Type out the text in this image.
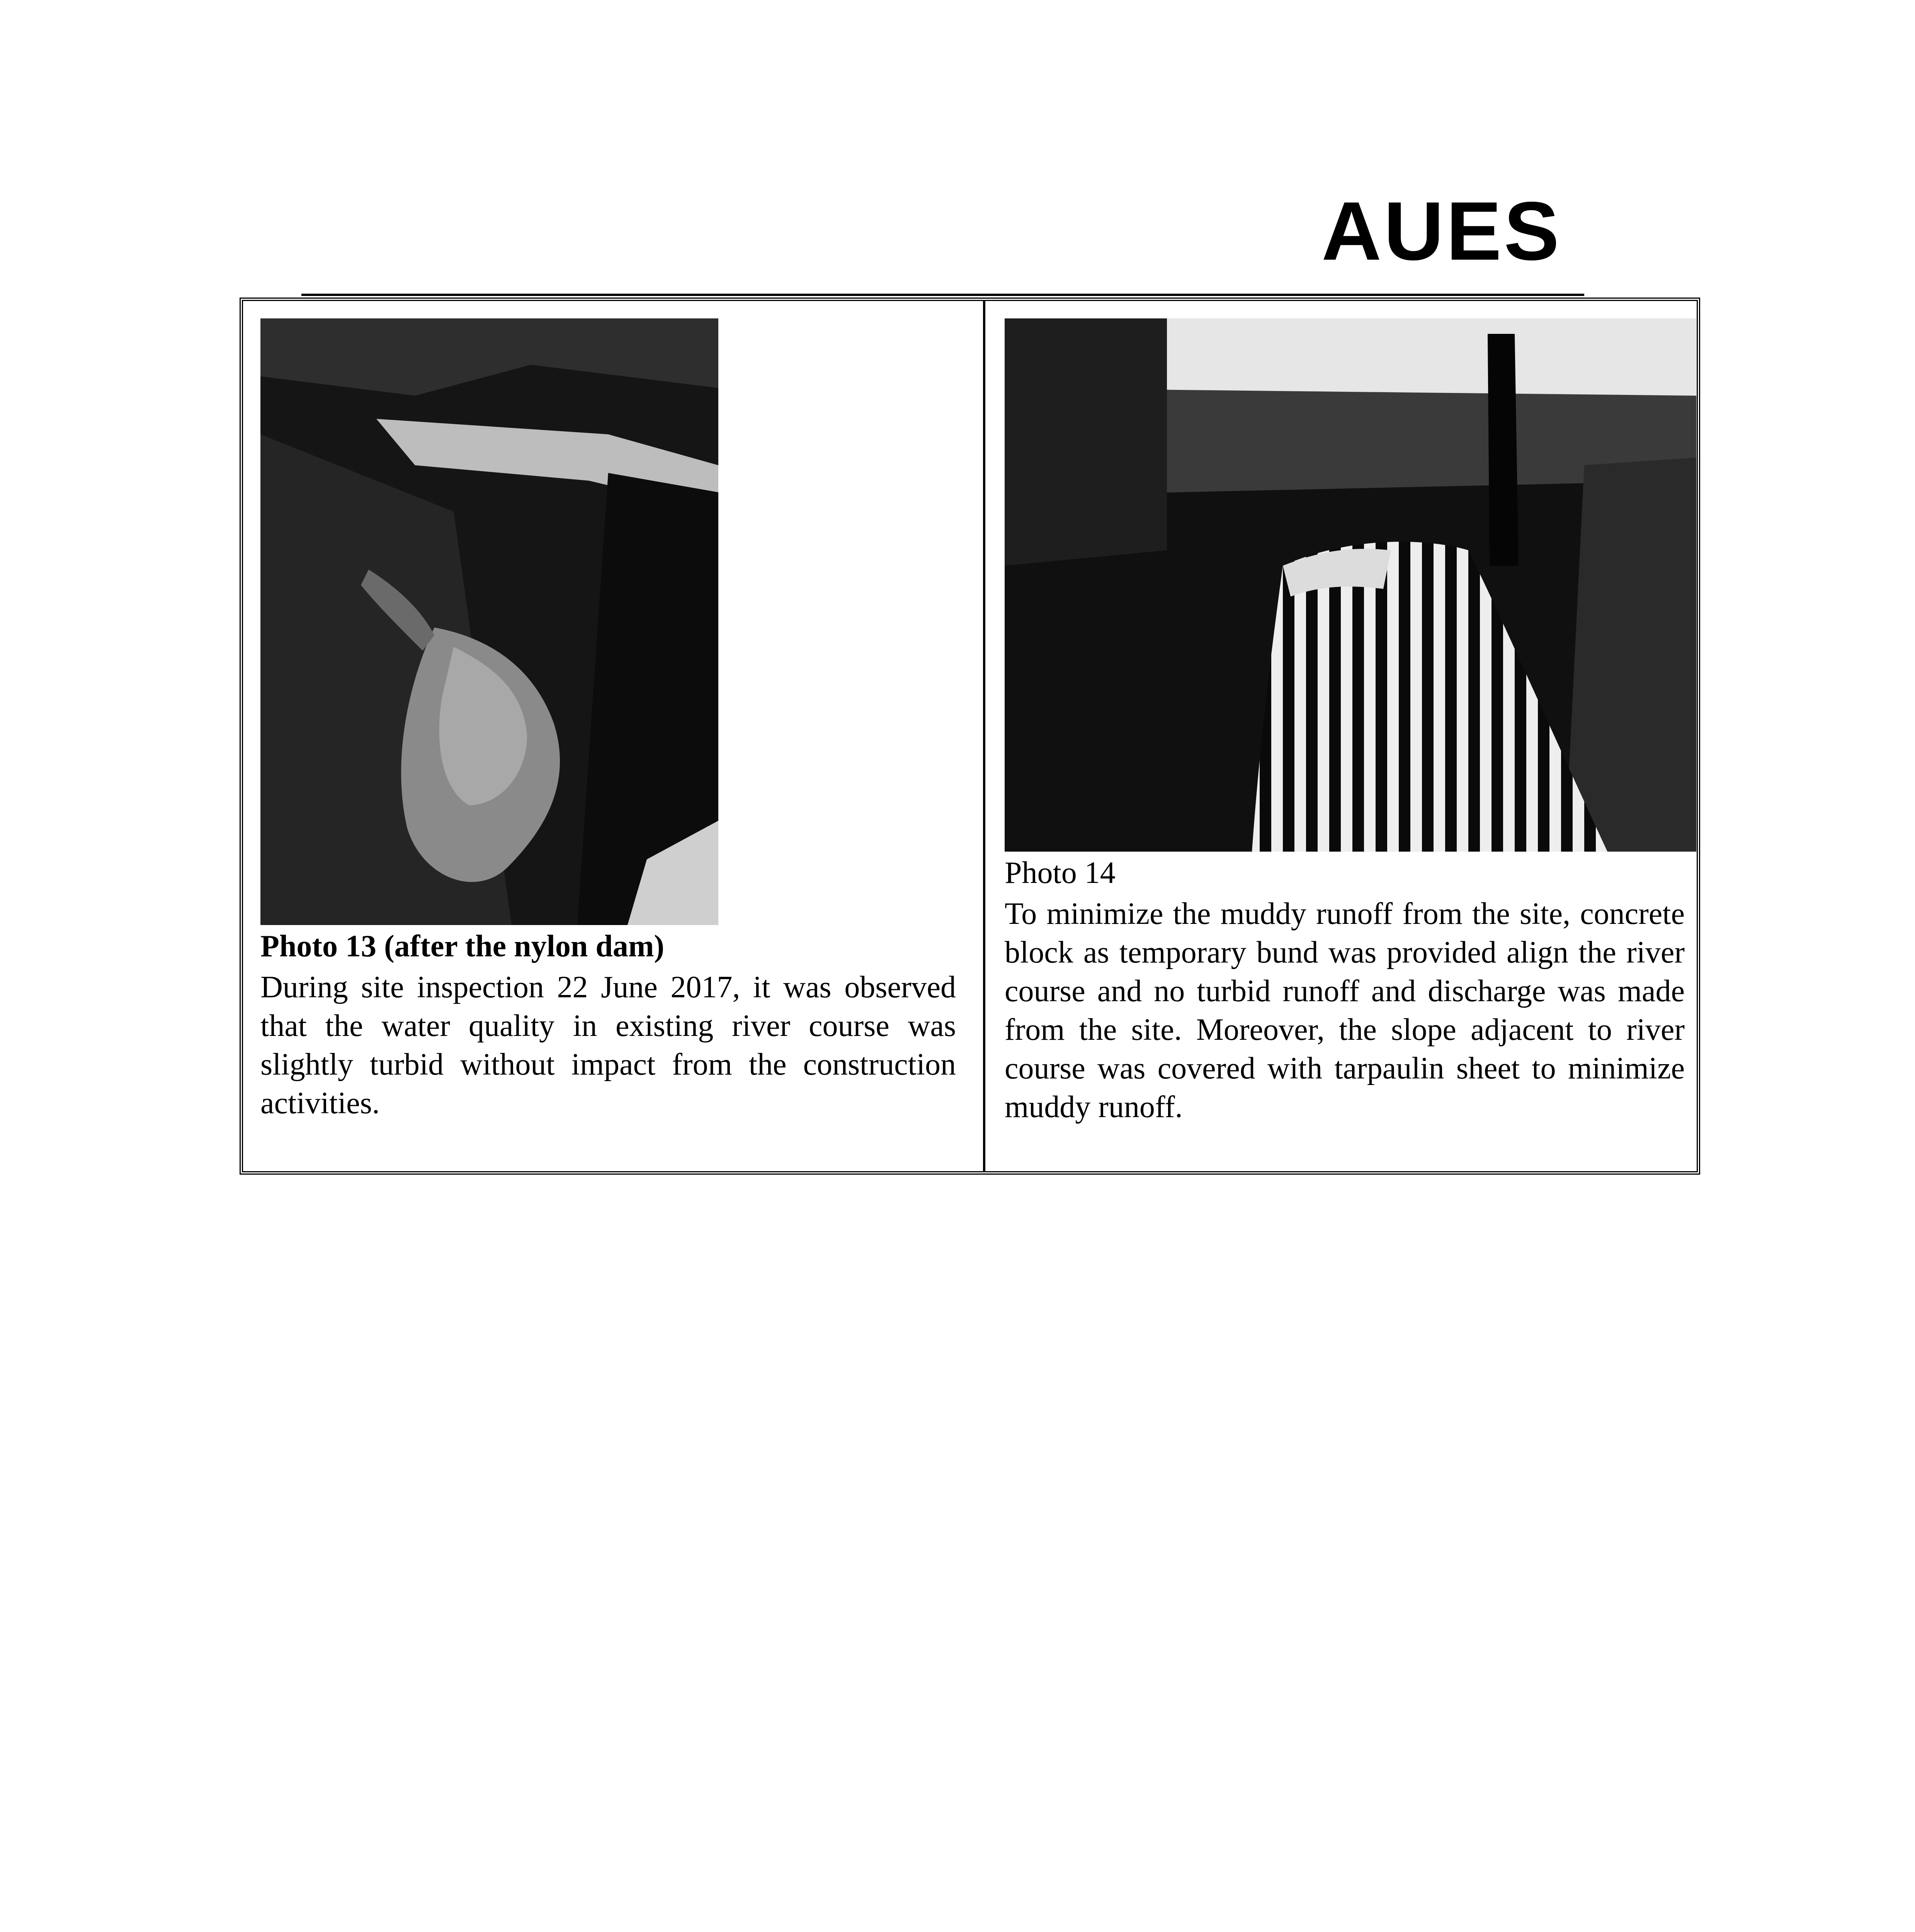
AUES
Photo 13 (after the nylon dam)
During site inspection 22 June 2017, it was observed that the water quality in existing river course was slightly turbid without impact from the construction activities.
Photo 14
To minimize the muddy runoff from the site, concrete block as temporary bund was provided align the river course and no turbid runoff and discharge was made from the site. Moreover, the slope adjacent to river course was covered with tarpaulin sheet to minimize muddy runoff.
